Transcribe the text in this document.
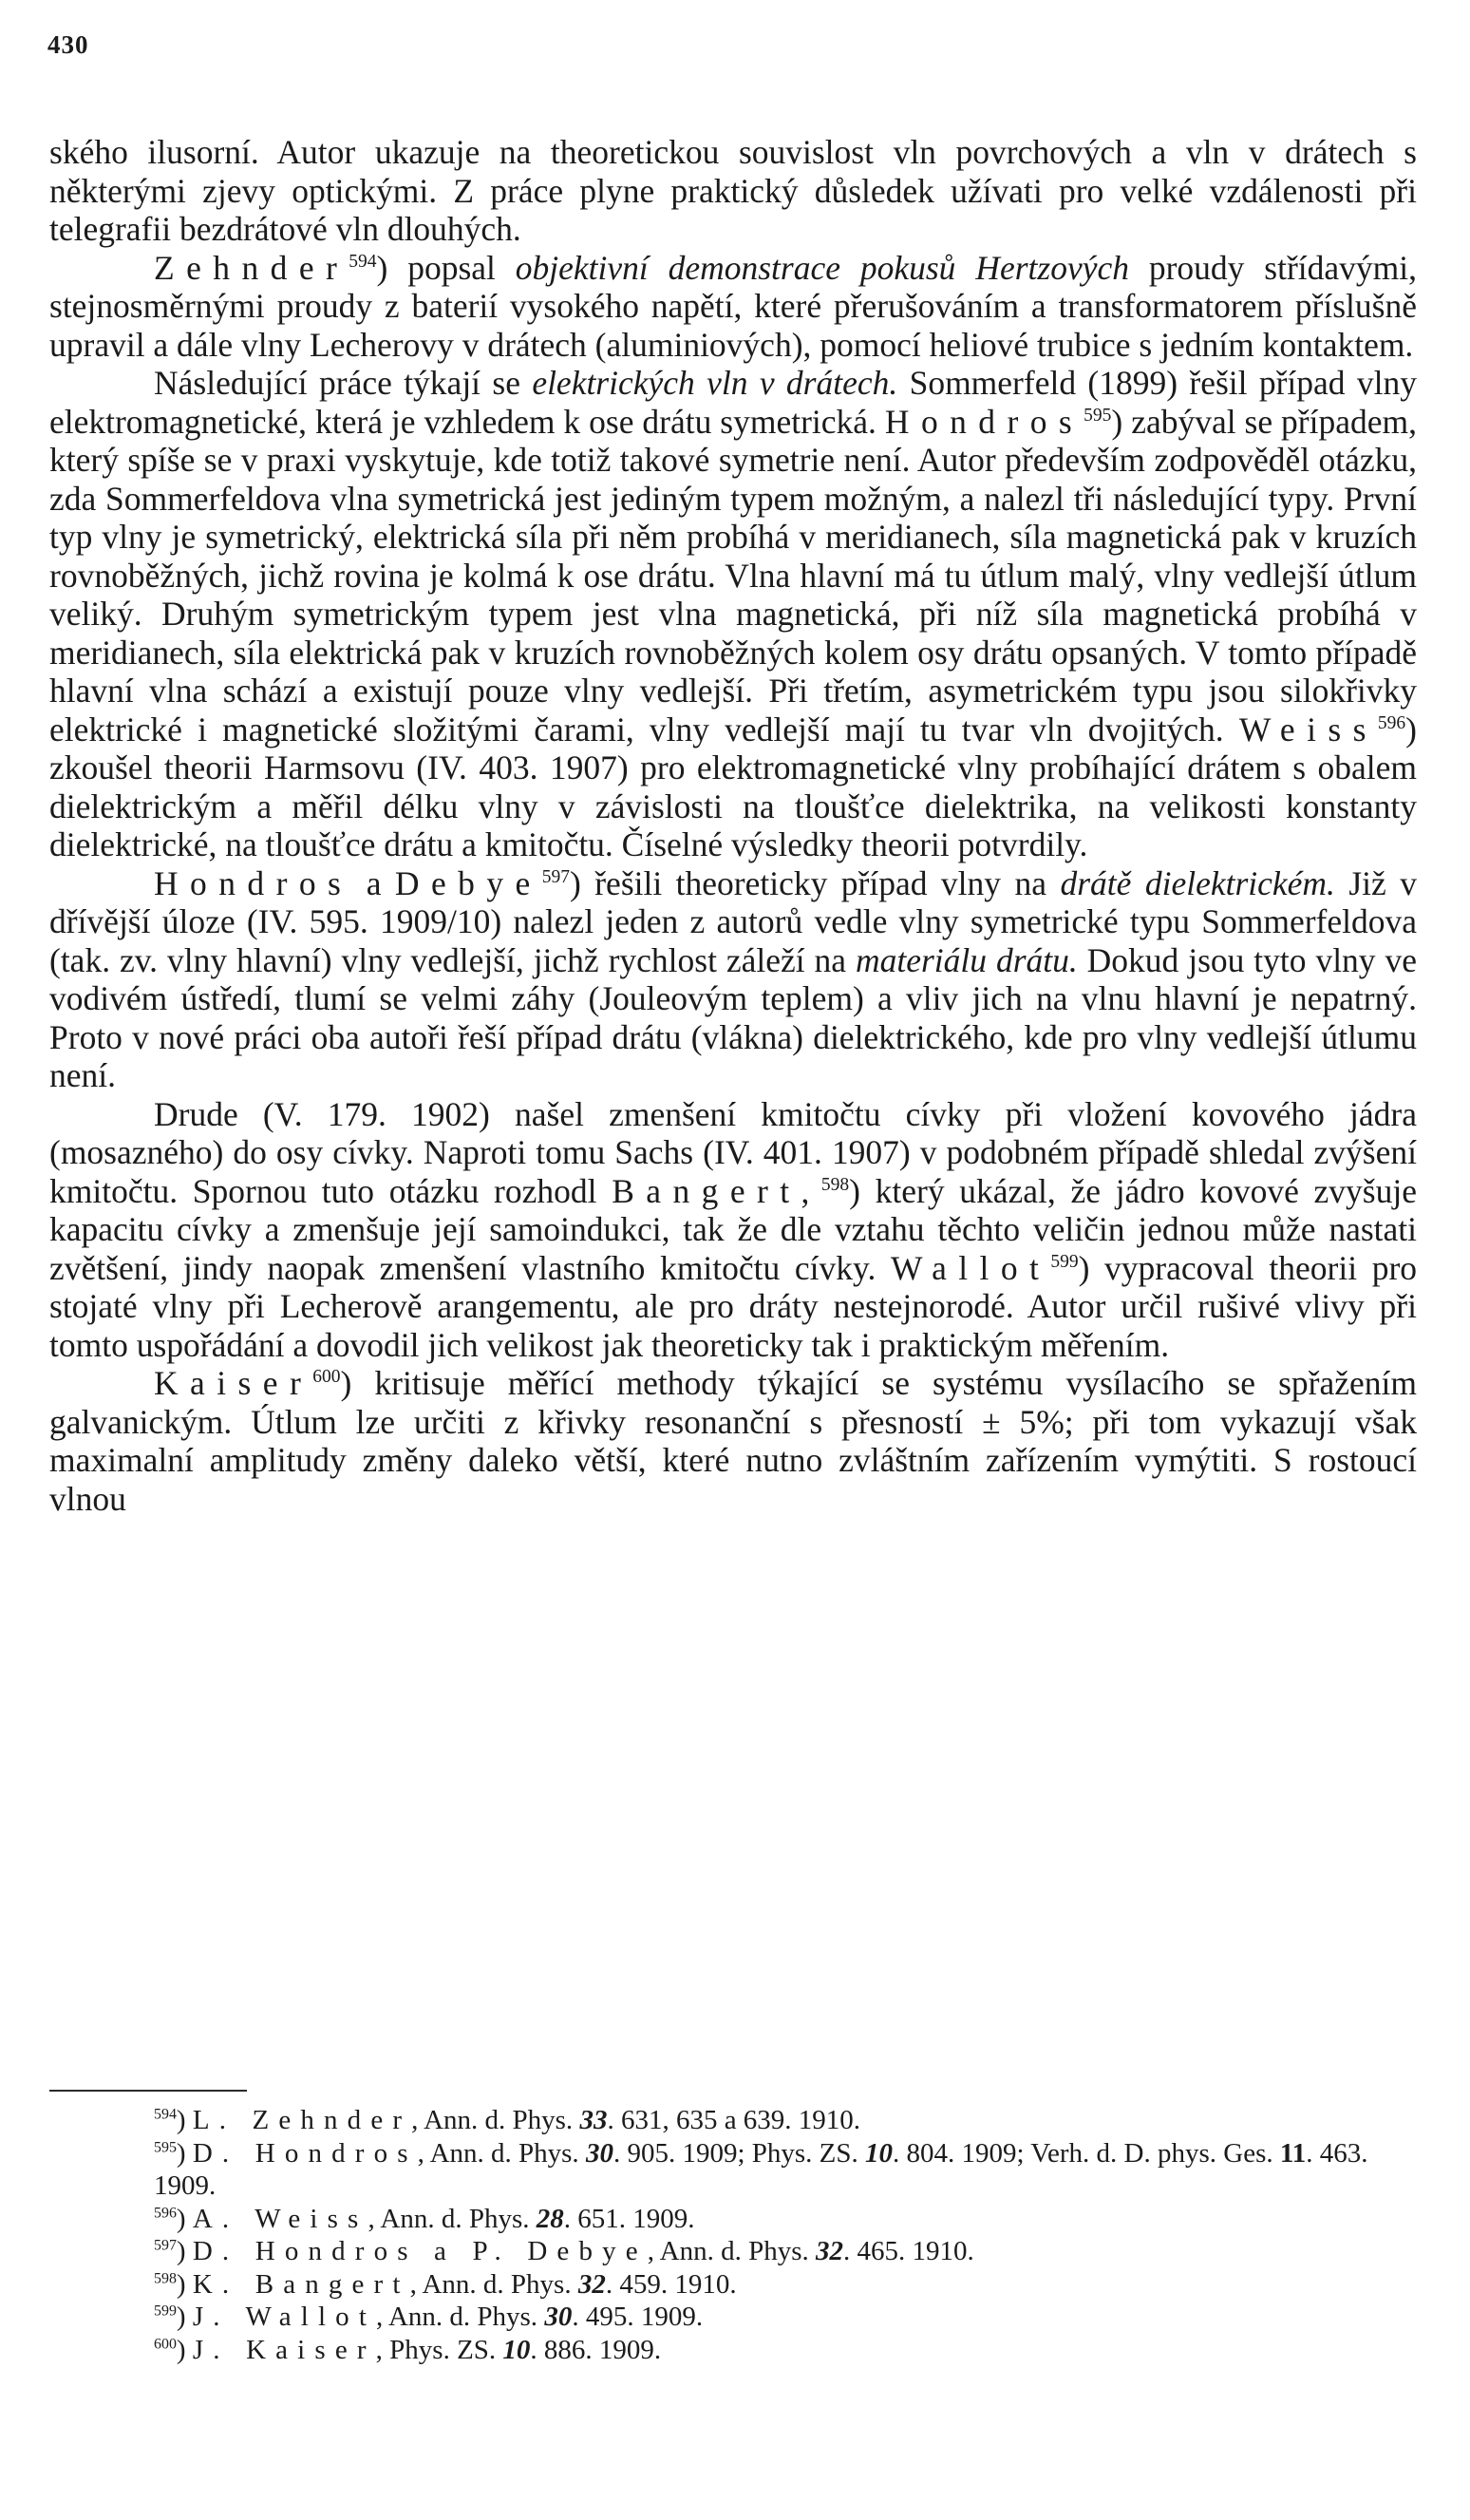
430

ského ilusorní. Autor ukazuje na theoretickou souvislost vln povrchových a vln v drátech s některými zjevy optickými. Z práce plyne praktický důsledek užívati pro velké vzdálenosti při telegrafii bezdrátové vln dlouhých.

Zehnder$^{594}$) popsal objektivní demonstrace pokusů Hertzových proudy střídavými, stejnosměrnými proudy z baterií vysokého napětí, které přerušováním a transformatorem příslušně upravil a dále vlny Lecherovy v drátech (aluminiových), pomocí heliové trubice s jedním kontaktem.

Následující práce týkají se elektrických vln v drátech. Sommerfeld (1899) řešil případ vlny elektromagnetické, která je vzhledem k ose drátu symetrická. Hondros$^{595}$) zabýval se případem, který spíše se v praxi vyskytuje, kde totiž takové symetrie není. Autor především zodpověděl otázku, zda Sommerfeldova vlna symetrická jest jediným typem možným, a nalezl tři následující typy. První typ vlny je symetrický, elektrická síla při něm probíhá v meridianech, síla magnetická pak v kruzích rovnoběžných, jichž rovina je kolmá k ose drátu. Vlna hlavní má tu útlum malý, vlny vedlejší útlum veliký. Druhým symetrickým typem jest vlna magnetická, při níž síla magnetická probíhá v meridianech, síla elektrická pak v kruzích rovnoběžných kolem osy drátu opsaných. V tomto případě hlavní vlna schází a existují pouze vlny vedlejší. Při třetím, asymetrickém typu jsou silokřivky elektrické i magnetické složitými čarami, vlny vedlejší mají tu tvar vln dvojitých. Weiss$^{596}$) zkoušel theorii Harmsovu (IV. 403. 1907) pro elektromagnetické vlny probíhající drátem s obalem dielektrickým a měřil délku vlny v závislosti na tloušťce dielektrika, na velikosti konstanty dielektrické, na tloušťce drátu a kmitočtu. Číselné výsledky theorii potvrdily.

Hondros a Debye$^{597}$) řešili theoreticky případ vlny na drátě dielektrickém. Již v dřívější úloze (IV. 595. 1909/10) nalezl jeden z autorů vedle vlny symetrické typu Sommerfeldova (tak. zv. vlny hlavní) vlny vedlejší, jichž rychlost záleží na materiálu drátu. Dokud jsou tyto vlny ve vodivém ústředí, tlumí se velmi záhy (Jouleovým teplem) a vliv jich na vlnu hlavní je nepatrný. Proto v nové práci oba autoři řeší případ drátu (vlákna) dielektrického, kde pro vlny vedlejší útlumu není.

Drude (V. 179. 1902) našel zmenšení kmitočtu cívky při vložení kovového jádra (mosazného) do osy cívky. Naproti tomu Sachs (IV. 401. 1907) v podobném případě shledal zvýšení kmitočtu. Spornou tuto otázku rozhodl Bangert,$^{598}$) který ukázal, že jádro kovové zvyšuje kapacitu cívky a zmenšuje její samoindukci, tak že dle vztahu těchto veličin jednou může nastati zvětšení, jindy naopak zmenšení vlastního kmitočtu cívky. Wallot$^{599}$) vypracoval theorii pro stojaté vlny při Lecherově arangementu, ale pro dráty nestejnorodé. Autor určil rušivé vlivy při tomto uspořádání a dovodil jich velikost jak theoreticky tak i praktickým měřením.

Kaiser$^{600}$) kritisuje měřící methody týkající se systému vysílacího se spřažením galvanickým. Útlum lze určiti z křivky resonanční s přesností ± 5%; při tom vykazují však maximalní amplitudy změny daleko větší, které nutno zvláštním zařízením vymýtiti. S rostoucí vlnou

$^{594}$) L. Zehnder, Ann. d. Phys. 33. 631, 635 a 639. 1910.

$^{595}$) D. Hondros, Ann. d. Phys. 30. 905. 1909; Phys. ZS. 10. 804. 1909; Verh. d. D. phys. Ges. 11. 463. 1909.

$^{596}$) A. Weiss, Ann. d. Phys. 28. 651. 1909.

$^{597}$) D. Hondros a P. Debye, Ann. d. Phys. 32. 465. 1910.

$^{598}$) K. Bangert, Ann. d. Phys. 32. 459. 1910.

$^{599}$) J. Wallot, Ann. d. Phys. 30. 495. 1909.

$^{600}$) J. Kaiser, Phys. ZS. 10. 886. 1909.
